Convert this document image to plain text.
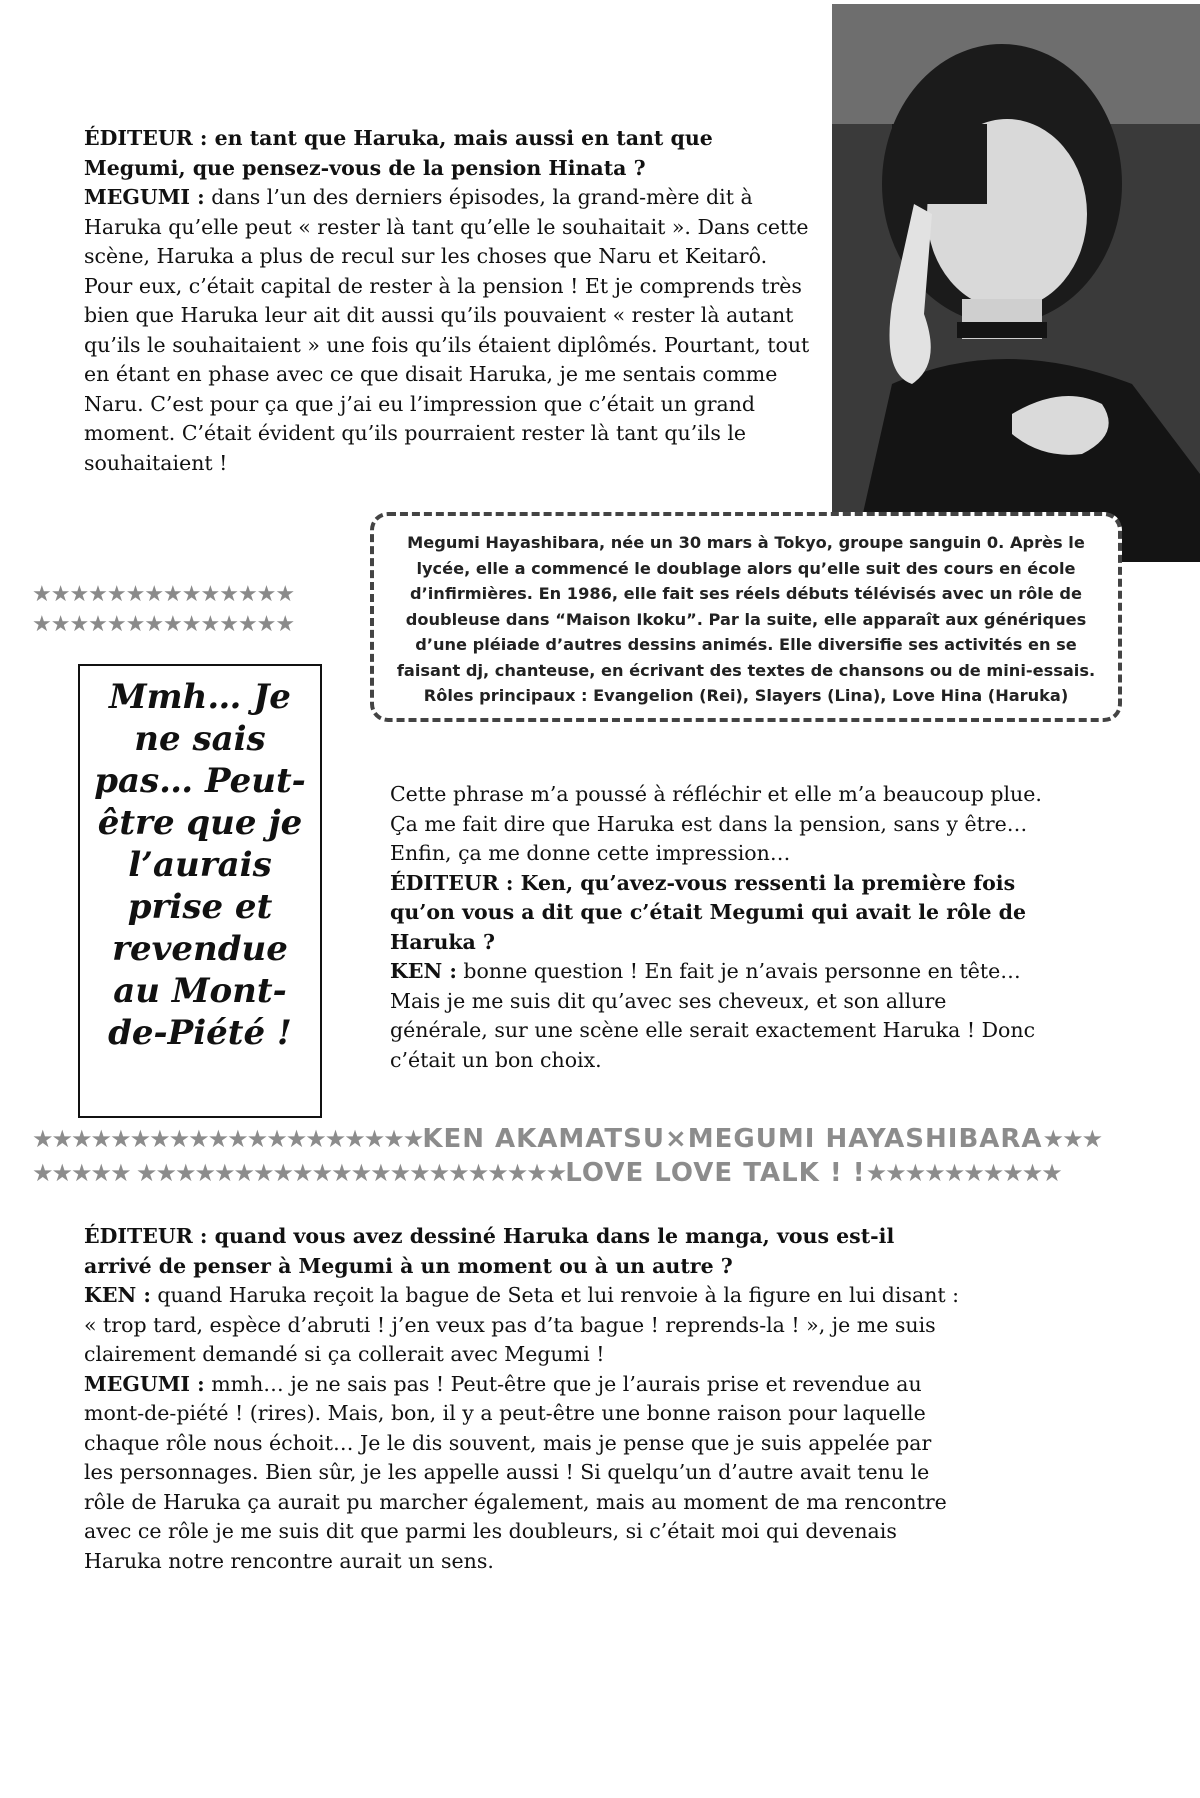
ÉDITEUR : en tant que Haruka, mais aussi en tant que Megumi, que pensez-vous de la pension Hinata ?

MEGUMI : dans l’un des derniers épisodes, la grand-mère dit à Haruka qu’elle peut « rester là tant qu’elle le souhaitait ». Dans cette scène, Haruka a plus de recul sur les choses que Naru et Keitarô. Pour eux, c’était capital de rester à la pension ! Et je comprends très bien que Haruka leur ait dit aussi qu’ils pouvaient « rester là autant qu’ils le souhaitaient » une fois qu’ils étaient diplômés. Pourtant, tout en étant en phase avec ce que disait Haruka, je me sentais comme Naru. C’est pour ça que j’ai eu l’impression que c’était un grand moment. C’était évident qu’ils pourraient rester là tant qu’ils le souhaitaient !

Megumi Hayashibara, née un 30 mars à Tokyo, groupe sanguin 0. Après le lycée, elle a commencé le doublage alors qu’elle suit des cours en école d’infirmières. En 1986, elle fait ses réels débuts télévisés avec un rôle de doubleuse dans “Maison Ikoku”. Par la suite, elle apparaît aux génériques d’une pléiade d’autres dessins animés. Elle diversifie ses activités en se faisant dj, chanteuse, en écrivant des textes de chansons ou de mini-essais. Rôles principaux : Evangelion (Rei), Slayers (Lina), Love Hina (Haruka)
★★★★★★★★★★★★★★
★★★★★★★★★★★★★★
Mmh… Je ne sais pas… Peut-être que je l’aurais prise et revendue au Mont-de-Piété !

Cette phrase m’a poussé à réfléchir et elle m’a beaucoup plue. Ça me fait dire que Haruka est dans la pension, sans y être… Enfin, ça me donne cette impression…

ÉDITEUR : Ken, qu’avez-vous ressenti la première fois qu’on vous a dit que c’était Megumi qui avait le rôle de Haruka ?

KEN : bonne question ! En fait je n’avais personne en tête… Mais je me suis dit qu’avec ses cheveux, et son allure générale, sur une scène elle serait exactement Haruka ! Donc c’était un bon choix.

★★★★★★★★★★★★★★★★★★★★KEN AKAMATSU×MEGUMI HAYASHIBARA★★★
★★★★★ ★★★★★★★★★★★★★★★★★★★★★★LOVE LOVE TALK ! !★★★★★★★★★★

ÉDITEUR : quand vous avez dessiné Haruka dans le manga, vous est-il arrivé de penser à Megumi à un moment ou à un autre ?

KEN : quand Haruka reçoit la bague de Seta et lui renvoie à la figure en lui disant : « trop tard, espèce d’abruti ! j’en veux pas d’ta bague ! reprends-la ! », je me suis clairement demandé si ça collerait avec Megumi !

MEGUMI : mmh… je ne sais pas ! Peut-être que je l’aurais prise et revendue au mont-de-piété ! (rires). Mais, bon, il y a peut-être une bonne raison pour laquelle chaque rôle nous échoit… Je le dis souvent, mais je pense que je suis appelée par les personnages. Bien sûr, je les appelle aussi ! Si quelqu’un d’autre avait tenu le rôle de Haruka ça aurait pu marcher également, mais au moment de ma rencontre avec ce rôle je me suis dit que parmi les doubleurs, si c’était moi qui devenais Haruka notre rencontre aurait un sens.
